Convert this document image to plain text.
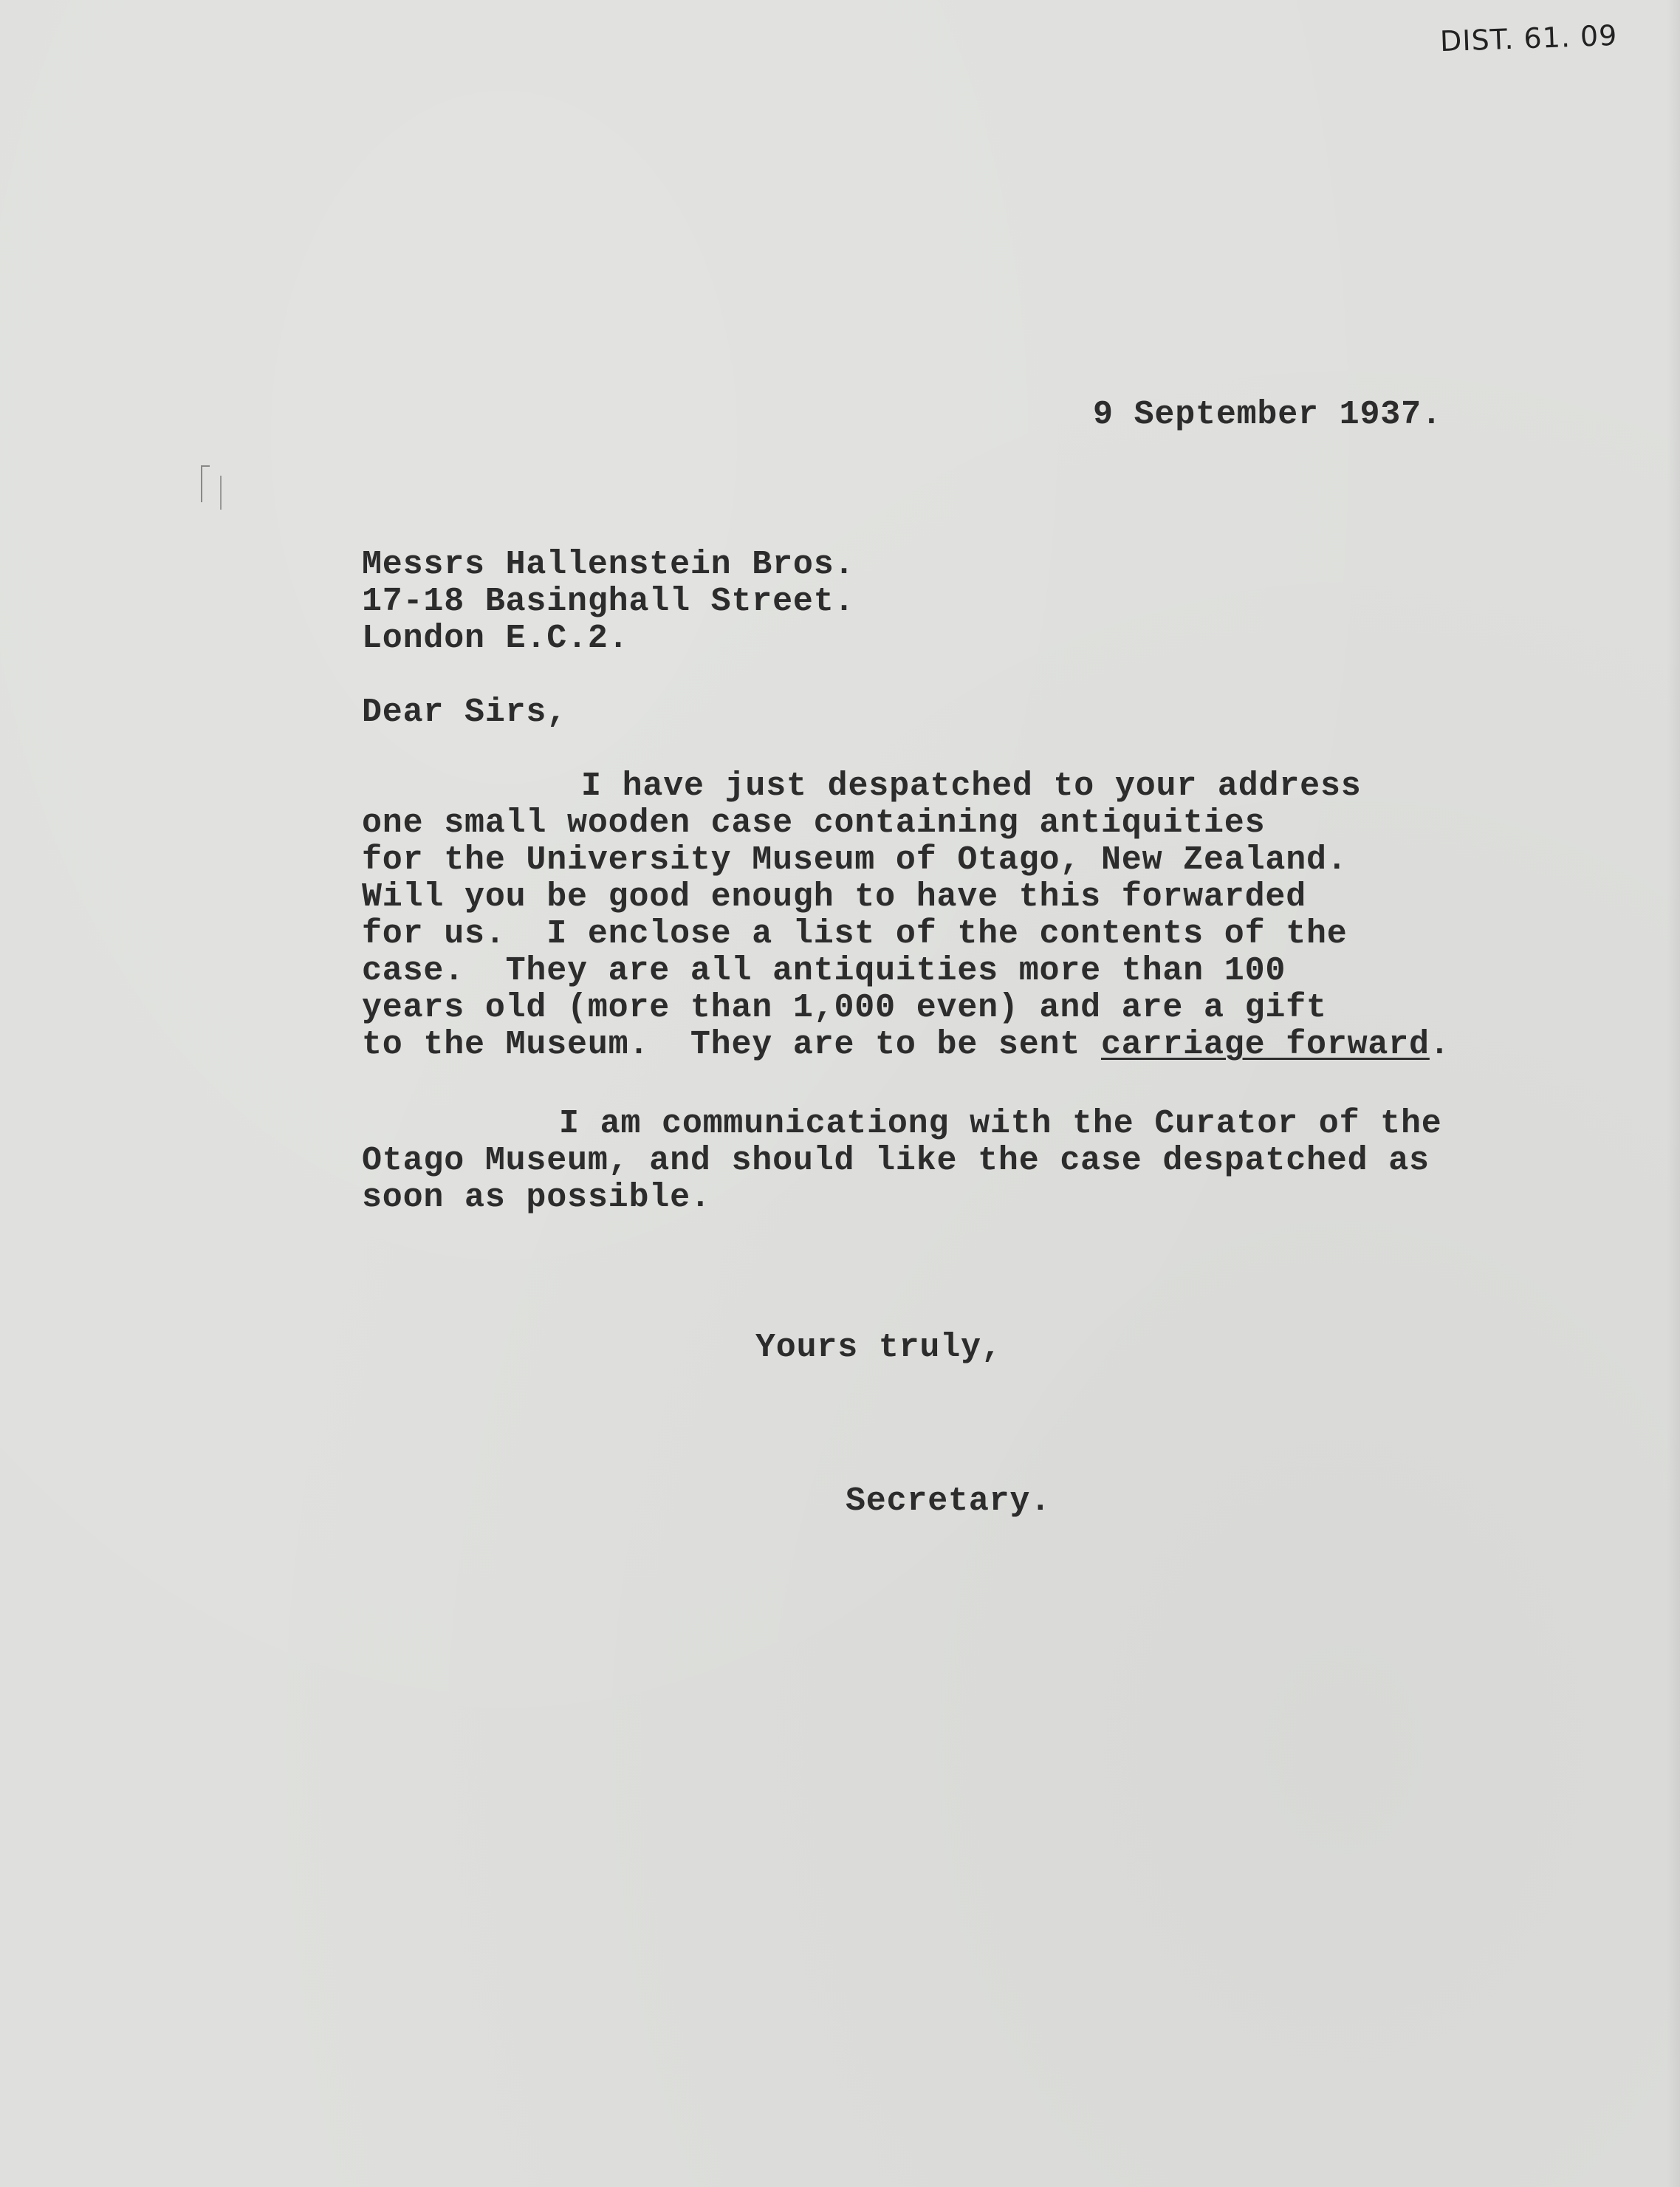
DIST. 61. 09
9 September 1937.
Messrs Hallenstein Bros.
17-18 Basinghall Street.
London E.C.2.
Dear Sirs,
I have just despatched to your address
one small wooden case containing antiquities
for the University Museum of Otago, New Zealand.
Will you be good enough to have this forwarded
for us.  I enclose a list of the contents of the
case.  They are all antiquities more than 100
years old (more than 1,000 even) and are a gift
to the Museum.  They are to be sent carriage forward.
I am communicationg with the Curator of the
Otago Museum, and should like the case despatched as
soon as possible.
Yours truly,
Secretary.
